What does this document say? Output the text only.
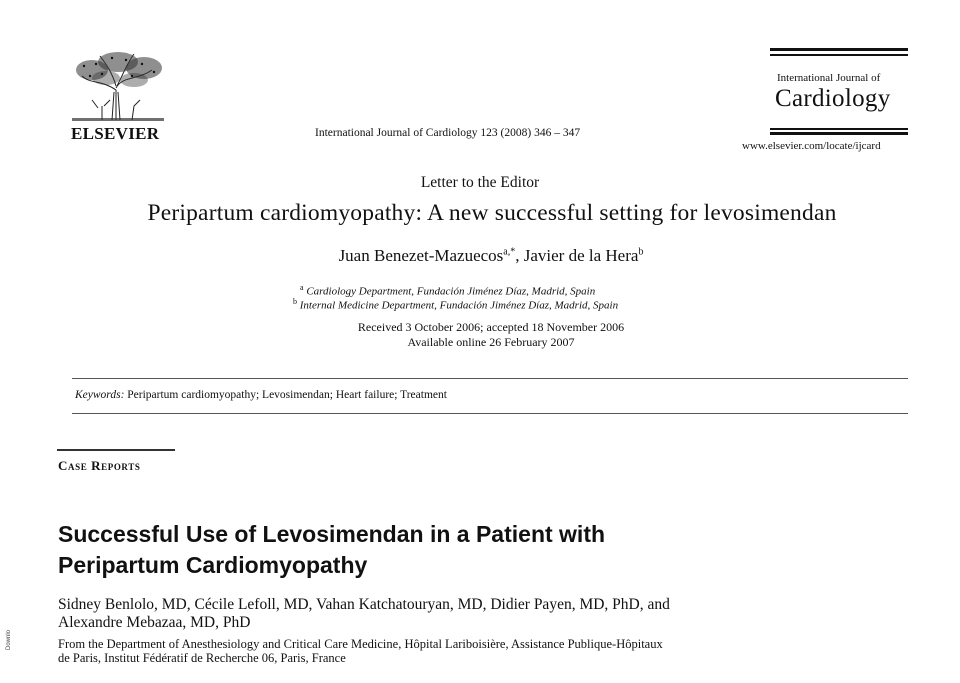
ELSEVIER	International Journal of Cardiology 123 (2008) 346 – 347
International Journal of
Cardiology
www.elsevier.com/locate/ijcard
Letter to the Editor
Peripartum cardiomyopathy: A new successful setting for levosimendan
Juan Benezet-Mazuecos$^{a,*}$, Javier de la Hera$^b$
$^a$ Cardiology Department, Fundación Jiménez Díaz, Madrid, Spain
$^b$ Internal Medicine Department, Fundación Jiménez Díaz, Madrid, Spain
Received 3 October 2006; accepted 18 November 2006
Available online 26 February 2007
Keywords: Peripartum cardiomyopathy; Levosimendan; Heart failure; Treatment
Case Reports
Successful Use of Levosimendan in a Patient with
Peripartum Cardiomyopathy
Sidney Benlolo, MD, Cécile Lefoll, MD, Vahan Katchatouryan, MD, Didier Payen, MD, PhD, and
Alexandre Mebazaa, MD, PhD
From the Department of Anesthesiology and Critical Care Medicine, Hôpital Lariboisière, Assistance Publique-Hôpitaux
de Paris, Institut Fédératif de Recherche 06, Paris, France
Downlo
